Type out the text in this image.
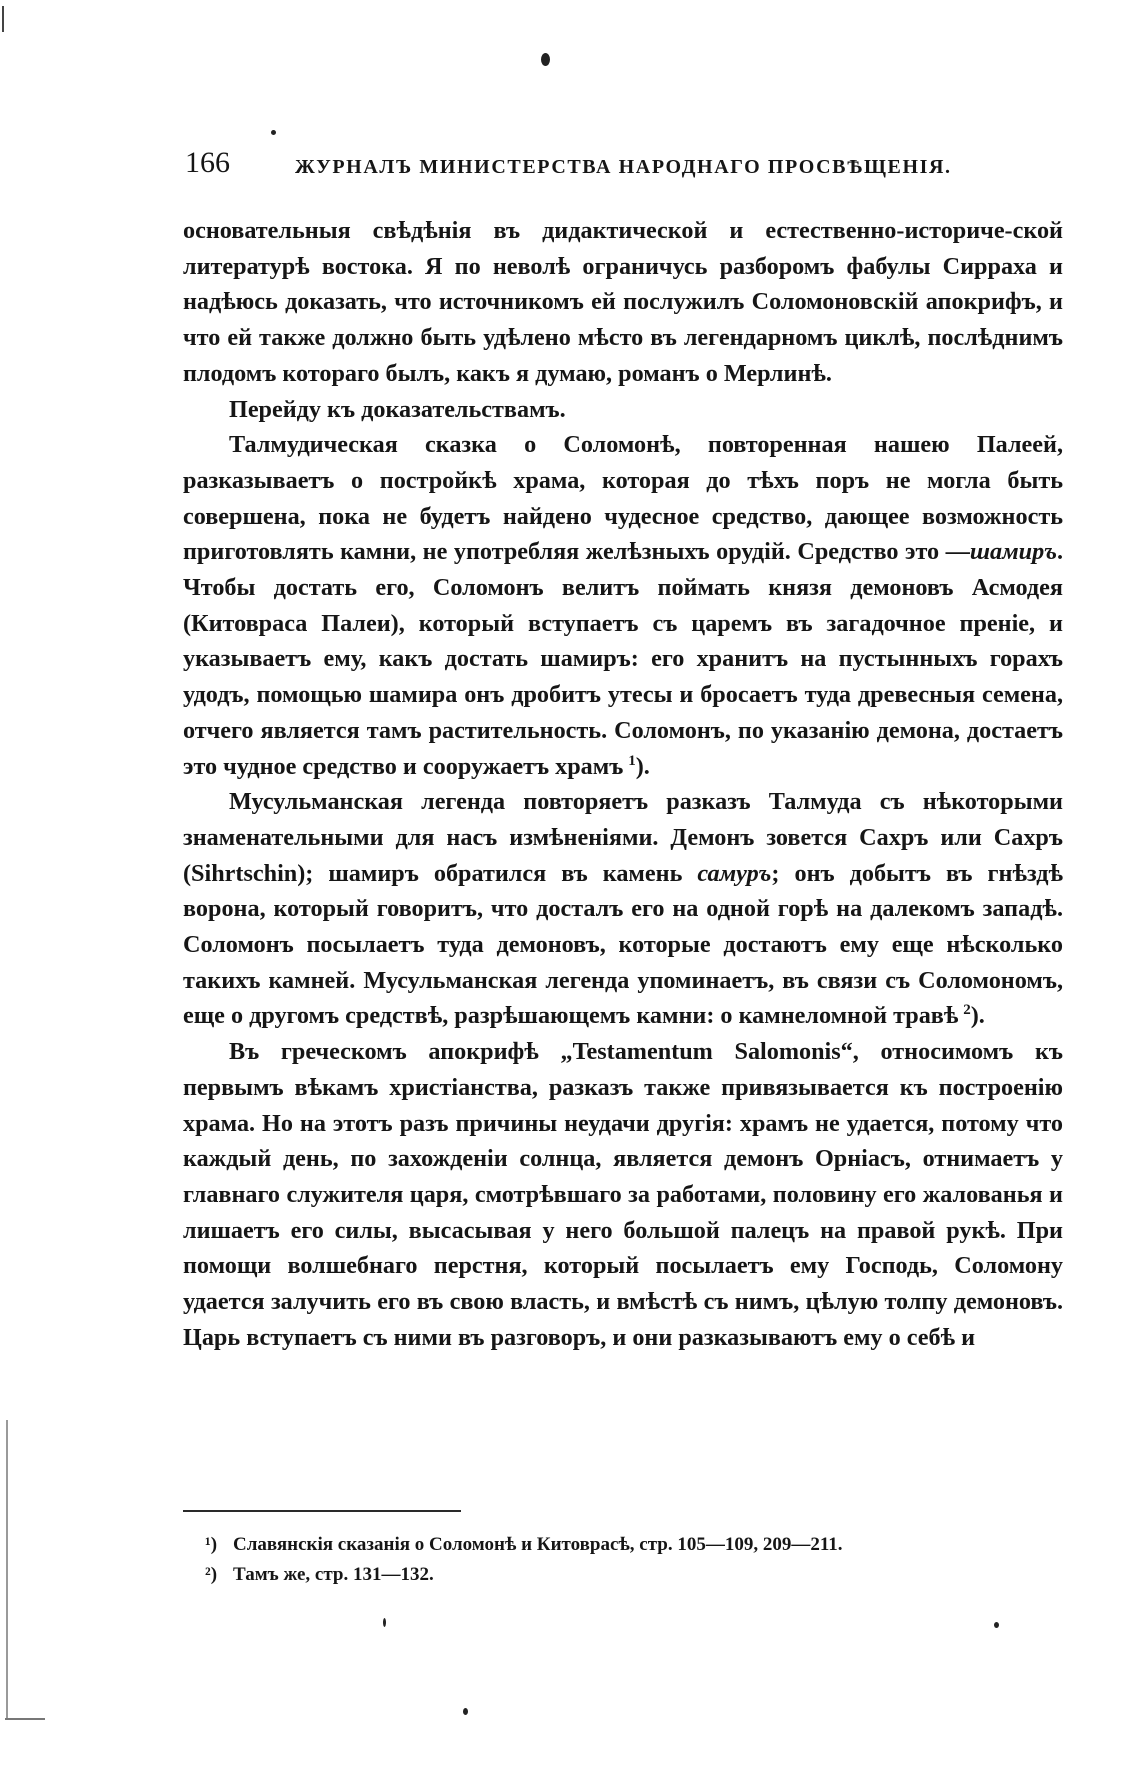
166	ЖУРНАЛЪ МИНИСТЕРСТВА НАРОДНАГО ПРОСВѢЩЕНІЯ.

основательныя свѣдѣнія въ дидактической и естественно-историче-ской литературѣ востока. Я по неволѣ ограничусь разборомъ фабулы Сирраха и надѣюсь доказать, что источникомъ ей послужилъ Соломоновскій апокрифъ, и что ей также должно быть удѣлено мѣсто въ легендарномъ циклѣ, послѣднимъ плодомъ котораго былъ, какъ я думаю, романъ о Мерлинѣ.

Перейду къ доказательствамъ.

Талмудическая сказка о Соломонѣ, повторенная нашею Палеей, разказываетъ о постройкѣ храма, которая до тѣхъ поръ не могла быть совершена, пока не будетъ найдено чудесное средство, дающее возможность приготовлять камни, не употребляя желѣзныхъ орудій. Средство это —шамиръ. Чтобы достать его, Соломонъ велитъ поймать князя демоновъ Асмодея (Китовраса Палеи), который вступаетъ съ царемъ въ загадочное преніе, и указываетъ ему, какъ достать шамиръ: его хранитъ на пустынныхъ горахъ удодъ, помощью шамира онъ дробитъ утесы и бросаетъ туда древесныя семена, отчего является тамъ растительность. Соломонъ, по указанію демона, достаетъ это чудное средство и сооружаетъ храмъ  $^1$).

Мусульманская легенда повторяетъ разказъ Талмуда съ нѣкоторыми знаменательными для насъ измѣненіями. Демонъ зовется Сахръ или Сахръ (Sihrtschin); шамиръ обратился въ камень самуръ; онъ добытъ въ гнѣздѣ ворона, который говоритъ, что досталъ его на одной горѣ на далекомъ западѣ. Соломонъ посылаетъ туда демоновъ, которые достаютъ ему еще нѣсколько такихъ камней. Мусульманская легенда упоминаетъ, въ связи съ Соломономъ, еще о другомъ средствѣ, разрѣшающемъ камни: о камнеломной травѣ  $^2$).

Въ греческомъ апокрифѣ „Testamentum Salomonis“, относимомъ къ первымъ вѣкамъ христіанства, разказъ также привязывается къ построенію храма. Но на этотъ разъ причины неудачи другія: храмъ не удается, потому что каждый день, по захожденіи солнца, является демонъ Орніасъ, отнимаетъ у главнаго служителя царя, смотрѣвшаго за работами, половину его жалованья и лишаетъ его силы, высасывая у него большой палецъ на правой рукѣ. При помощи волшебнаго перстня, который посылаетъ ему Господь, Соломону удается залучить его въ свою власть, и вмѣстѣ съ нимъ, цѣлую толпу демоновъ. Царь вступаетъ съ ними въ разговоръ, и они разказываютъ ему о себѣ и

¹) Славянскія сказанія о Соломонѣ и Китоврасѣ, стр. 105—109, 209—211.

²) Тамъ же, стр. 131—132.
